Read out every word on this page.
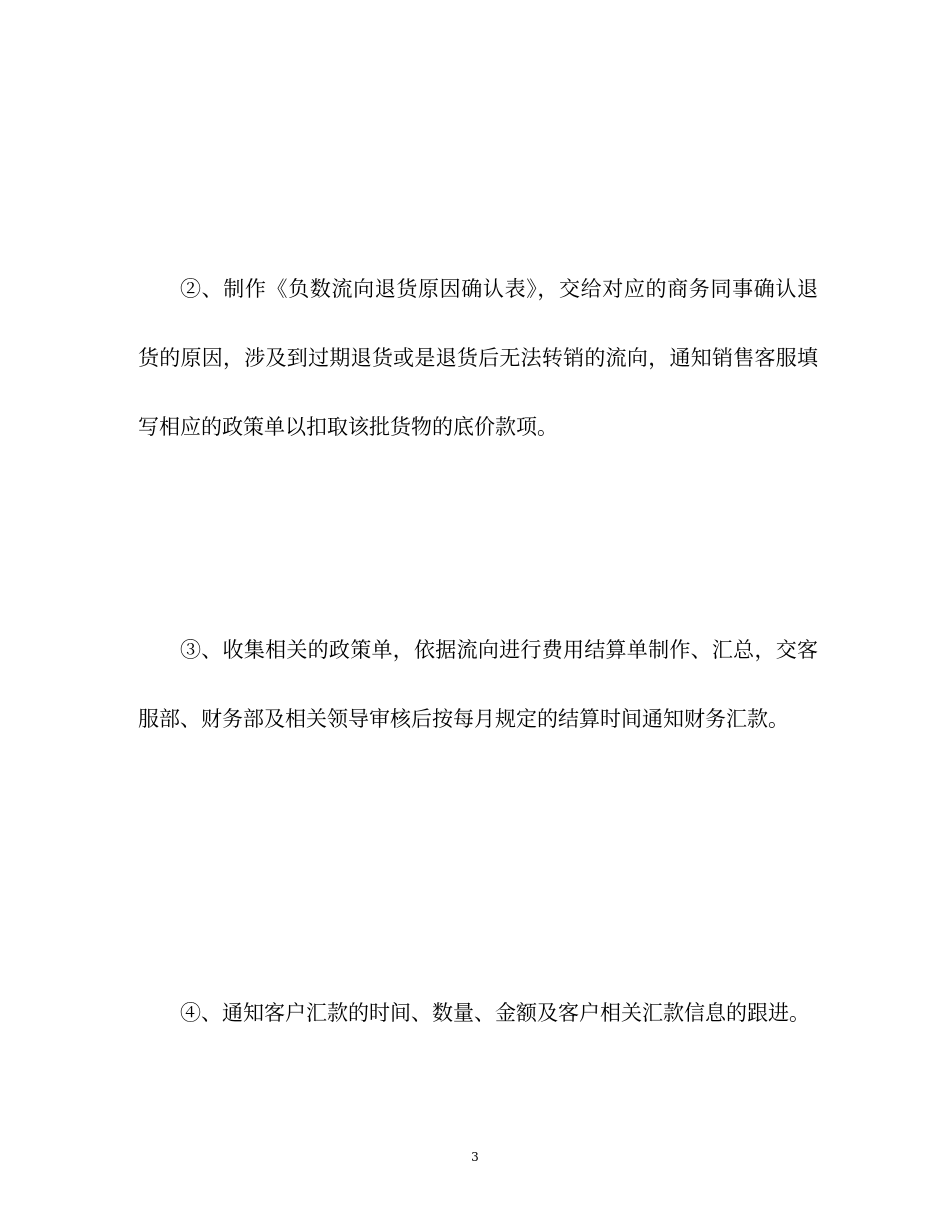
②、制作《负数流向退货原因确认表》，交给对应的商务同事确认退货的原因，涉及到过期退货或是退货后无法转销的流向，通知销售客服填写相应的政策单以扣取该批货物的底价款项。

③、收集相关的政策单，依据流向进行费用结算单制作、汇总，交客服部、财务部及相关领导审核后按每月规定的结算时间通知财务汇款。

④、通知客户汇款的时间、数量、金额及客户相关汇款信息的跟进。

3
